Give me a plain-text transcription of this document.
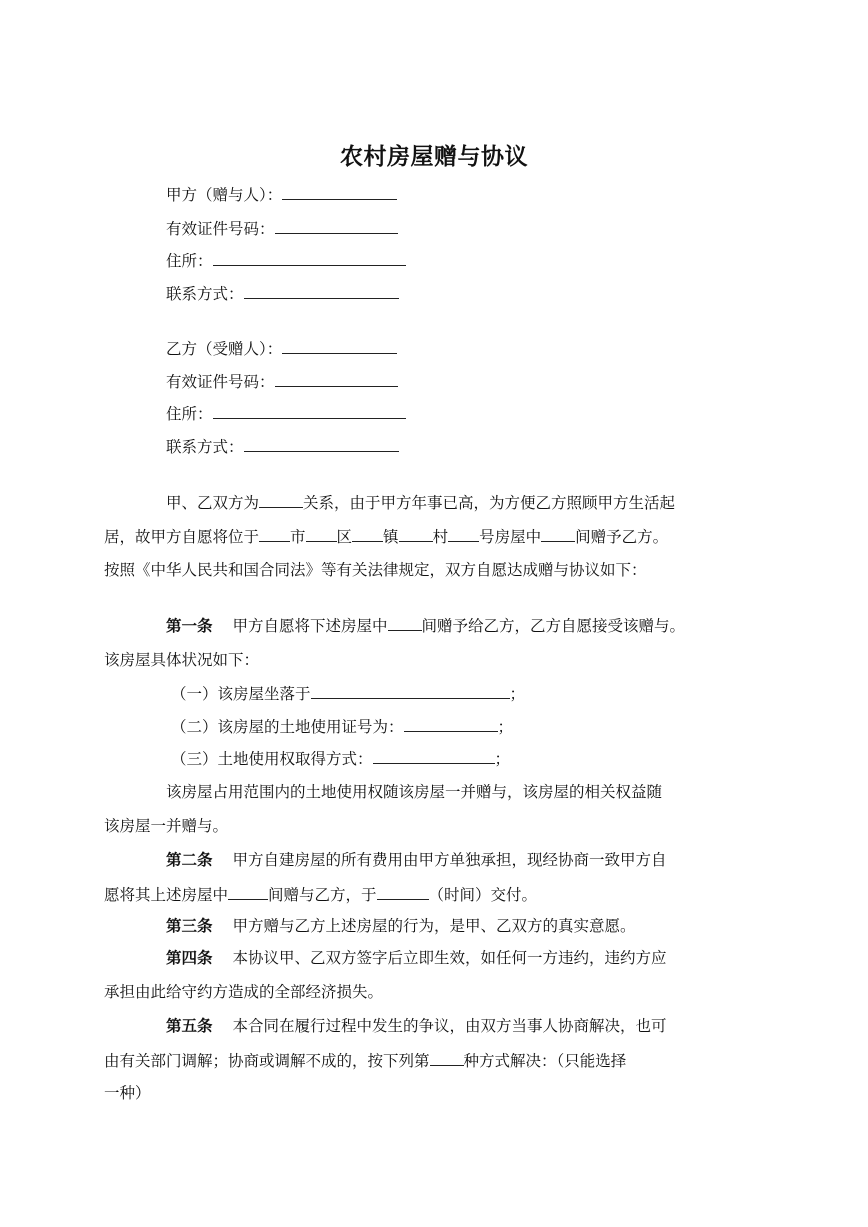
农村房屋赠与协议
甲方（赠与人）：
有效证件号码：
住所：
联系方式：
乙方（受赠人）：
有效证件号码：
住所：
联系方式：
甲、乙双方为	关系，由于甲方年事已高，为方便乙方照顾甲方生活起
居，故甲方自愿将位于 市 区 镇 村 号房屋中 间赠予乙方。
按照《中华人民共和国合同法》等有关法律规定，双方自愿达成赠与协议如下：
第一条 甲方自愿将下述房屋中 间赠予给乙方，乙方自愿接受该赠与。
该房屋具体状况如下：
（一）该房屋坐落于	；
（二）该房屋的土地使用证号为：	；
（三）土地使用权取得方式：	；
该房屋占用范围内的土地使用权随该房屋一并赠与，该房屋的相关权益随
该房屋一并赠与。
第二条 甲方自建房屋的所有费用由甲方单独承担，现经协商一致甲方自
愿将其上述房屋中	间赠与乙方，于	（时间）交付。
第三条 甲方赠与乙方上述房屋的行为，是甲、乙双方的真实意愿。
第四条 本协议甲、乙双方签字后立即生效，如任何一方违约，违约方应
承担由此给守约方造成的全部经济损失。
第五条 本合同在履行过程中发生的争议，由双方当事人协商解决，也可
由有关部门调解；协商或调解不成的，按下列第 种方式解决：（只能选择
一种）
